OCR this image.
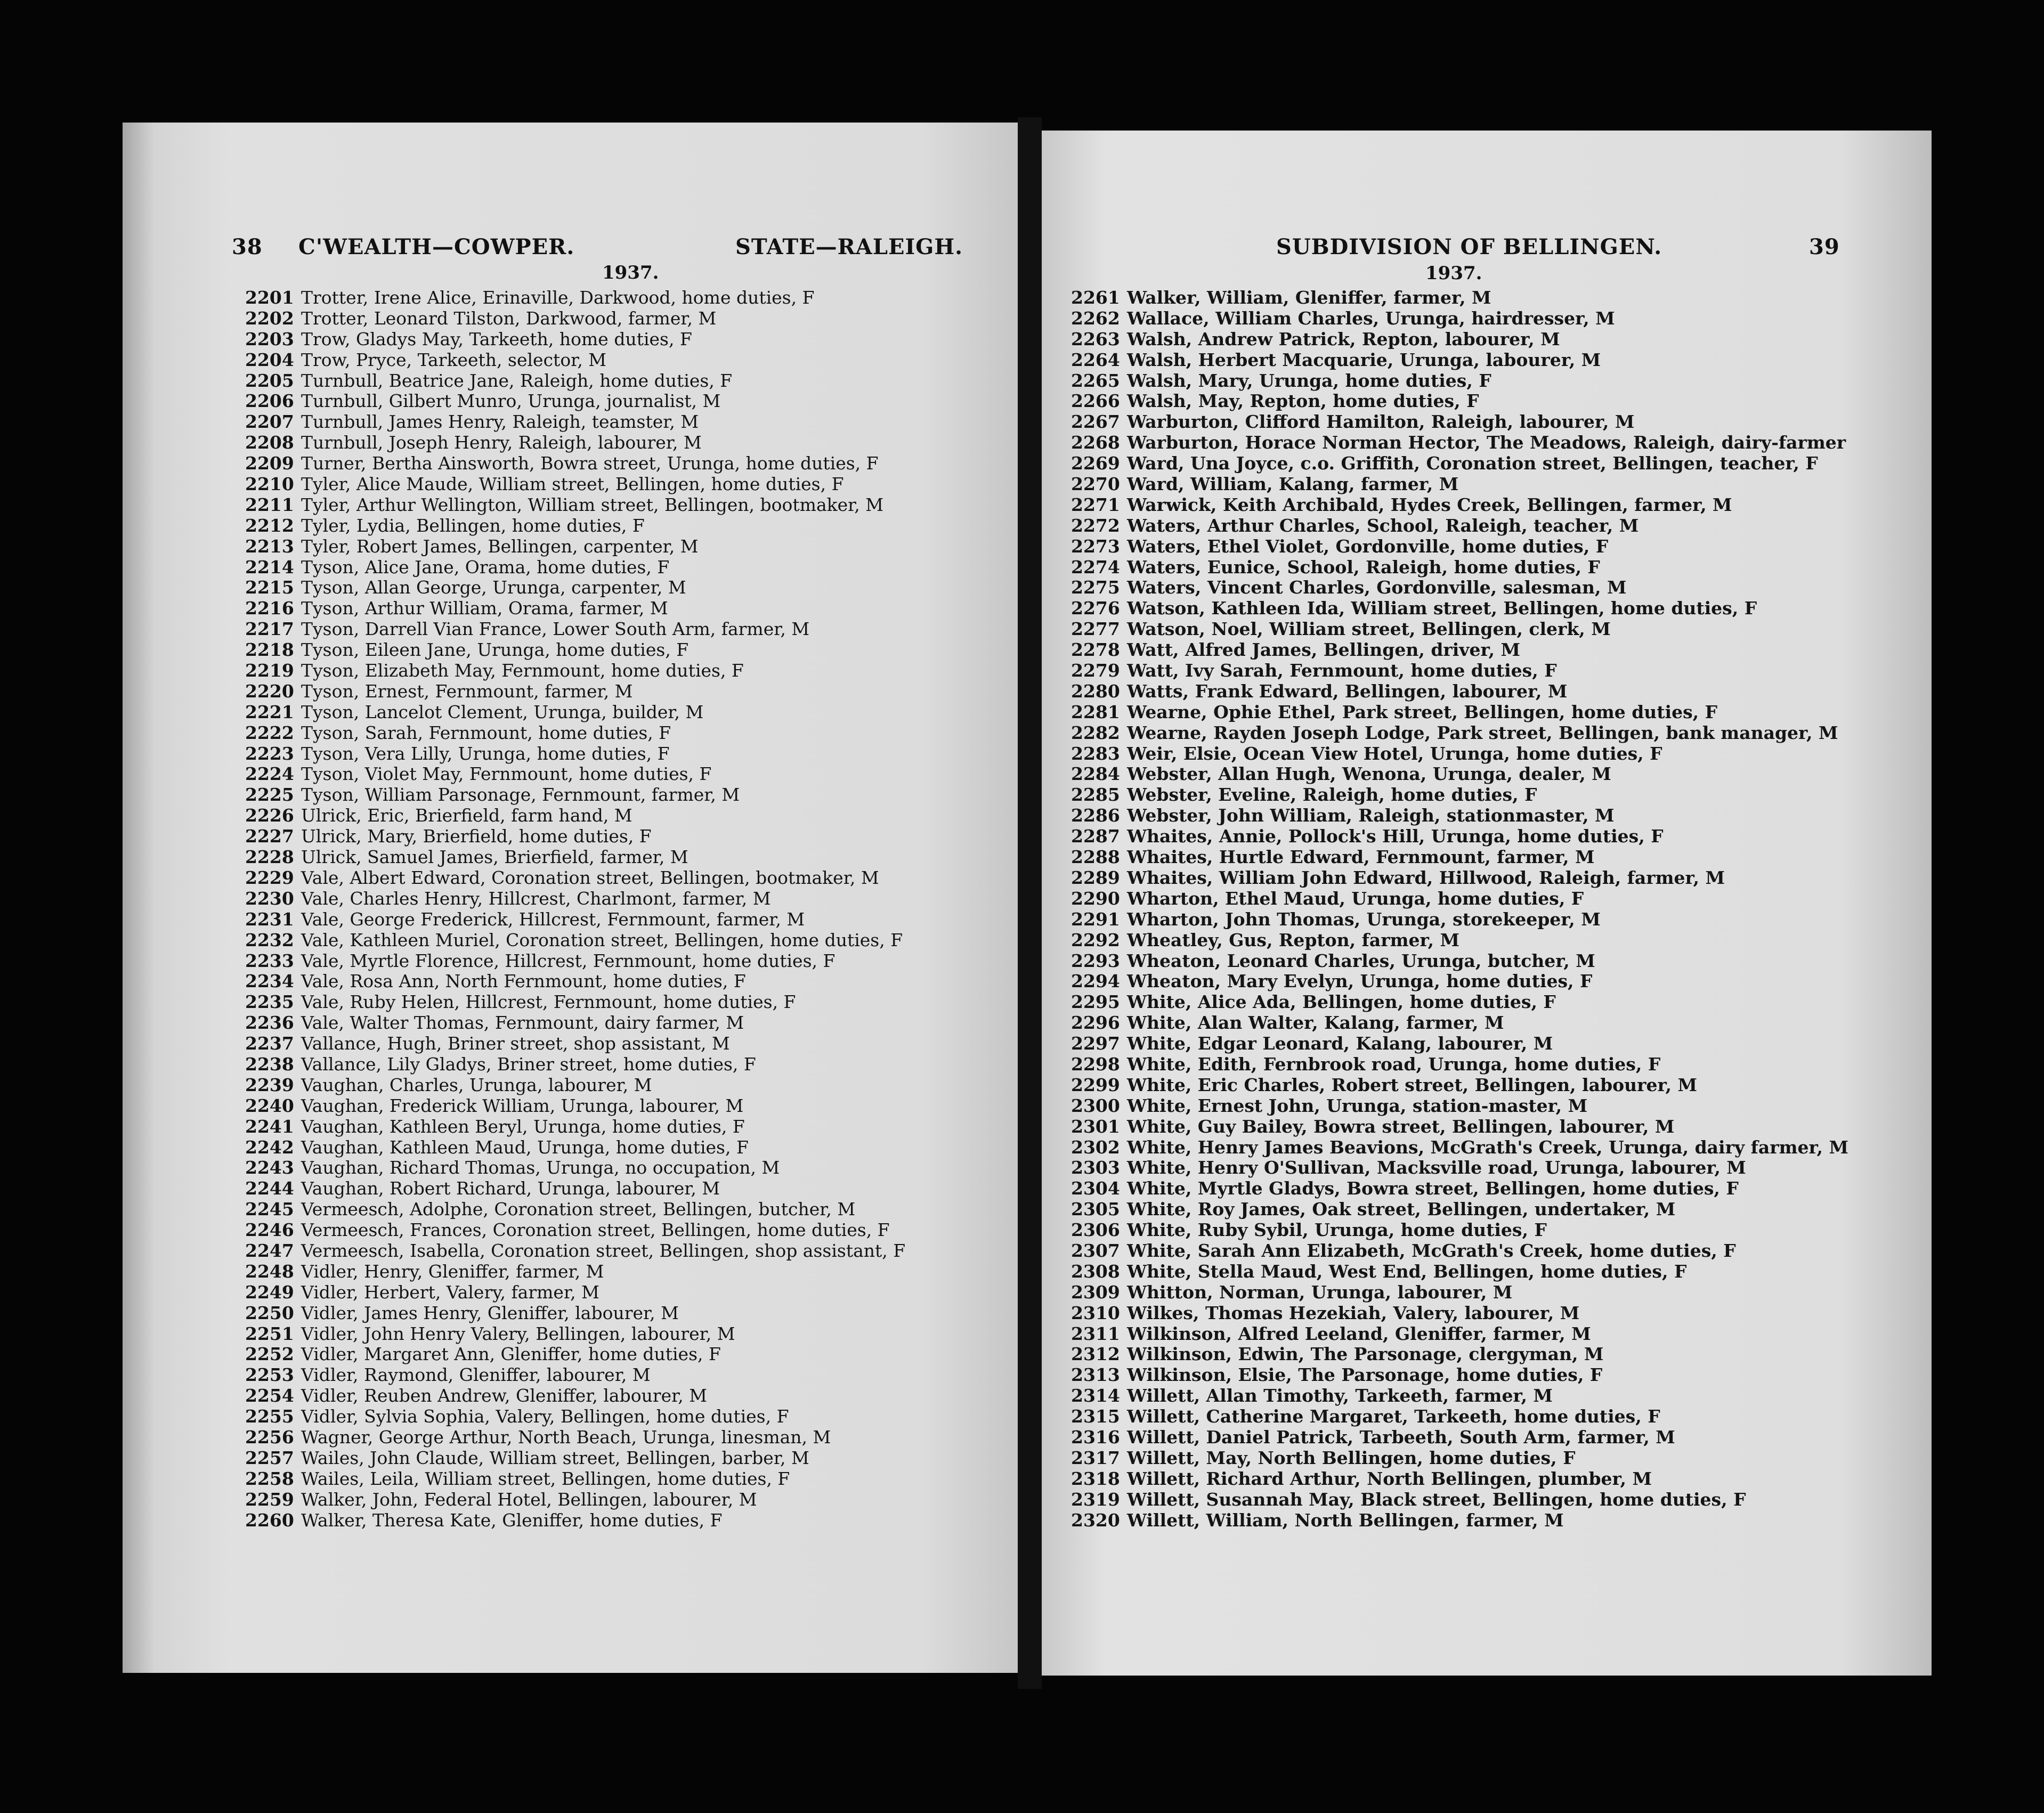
38 C'WEALTH—COWPER.	STATE—RALEIGH.
1937.
2201 Trotter, Irene Alice, Erinaville, Darkwood, home duties, F
2202 Trotter, Leonard Tilston, Darkwood, farmer, M
2203 Trow, Gladys May, Tarkeeth, home duties, F
2204 Trow, Pryce, Tarkeeth, selector, M
2205 Turnbull, Beatrice Jane, Raleigh, home duties, F
2206 Turnbull, Gilbert Munro, Urunga, journalist, M
2207 Turnbull, James Henry, Raleigh, teamster, M
2208 Turnbull, Joseph Henry, Raleigh, labourer, M
2209 Turner, Bertha Ainsworth, Bowra street, Urunga, home duties, F
2210 Tyler, Alice Maude, William street, Bellingen, home duties, F
2211 Tyler, Arthur Wellington, William street, Bellingen, bootmaker, M
2212 Tyler, Lydia, Bellingen, home duties, F
2213 Tyler, Robert James, Bellingen, carpenter, M
2214 Tyson, Alice Jane, Orama, home duties, F
2215 Tyson, Allan George, Urunga, carpenter, M
2216 Tyson, Arthur William, Orama, farmer, M
2217 Tyson, Darrell Vian France, Lower South Arm, farmer, M
2218 Tyson, Eileen Jane, Urunga, home duties, F
2219 Tyson, Elizabeth May, Fernmount, home duties, F
2220 Tyson, Ernest, Fernmount, farmer, M
2221 Tyson, Lancelot Clement, Urunga, builder, M
2222 Tyson, Sarah, Fernmount, home duties, F
2223 Tyson, Vera Lilly, Urunga, home duties, F
2224 Tyson, Violet May, Fernmount, home duties, F
2225 Tyson, William Parsonage, Fernmount, farmer, M
2226 Ulrick, Eric, Brierfield, farm hand, M
2227 Ulrick, Mary, Brierfield, home duties, F
2228 Ulrick, Samuel James, Brierfield, farmer, M
2229 Vale, Albert Edward, Coronation street, Bellingen, bootmaker, M
2230 Vale, Charles Henry, Hillcrest, Charlmont, farmer, M
2231 Vale, George Frederick, Hillcrest, Fernmount, farmer, M
2232 Vale, Kathleen Muriel, Coronation street, Bellingen, home duties, F
2233 Vale, Myrtle Florence, Hillcrest, Fernmount, home duties, F
2234 Vale, Rosa Ann, North Fernmount, home duties, F
2235 Vale, Ruby Helen, Hillcrest, Fernmount, home duties, F
2236 Vale, Walter Thomas, Fernmount, dairy farmer, M
2237 Vallance, Hugh, Briner street, shop assistant, M
2238 Vallance, Lily Gladys, Briner street, home duties, F
2239 Vaughan, Charles, Urunga, labourer, M
2240 Vaughan, Frederick William, Urunga, labourer, M
2241 Vaughan, Kathleen Beryl, Urunga, home duties, F
2242 Vaughan, Kathleen Maud, Urunga, home duties, F
2243 Vaughan, Richard Thomas, Urunga, no occupation, M
2244 Vaughan, Robert Richard, Urunga, labourer, M
2245 Vermeesch, Adolphe, Coronation street, Bellingen, butcher, M
2246 Vermeesch, Frances, Coronation street, Bellingen, home duties, F
2247 Vermeesch, Isabella, Coronation street, Bellingen, shop assistant, F
2248 Vidler, Henry, Gleniffer, farmer, M
2249 Vidler, Herbert, Valery, farmer, M
2250 Vidler, James Henry, Gleniffer, labourer, M
2251 Vidler, John Henry Valery, Bellingen, labourer, M
2252 Vidler, Margaret Ann, Gleniffer, home duties, F
2253 Vidler, Raymond, Gleniffer, labourer, M
2254 Vidler, Reuben Andrew, Gleniffer, labourer, M
2255 Vidler, Sylvia Sophia, Valery, Bellingen, home duties, F
2256 Wagner, George Arthur, North Beach, Urunga, linesman, M
2257 Wailes, John Claude, William street, Bellingen, barber, M
2258 Wailes, Leila, William street, Bellingen, home duties, F
2259 Walker, John, Federal Hotel, Bellingen, labourer, M
2260 Walker, Theresa Kate, Gleniffer, home duties, F
SUBDIVISION OF BELLINGEN.	39
1937.
2261 Walker, William, Gleniffer, farmer, M
2262 Wallace, William Charles, Urunga, hairdresser, M
2263 Walsh, Andrew Patrick, Repton, labourer, M
2264 Walsh, Herbert Macquarie, Urunga, labourer, M
2265 Walsh, Mary, Urunga, home duties, F
2266 Walsh, May, Repton, home duties, F
2267 Warburton, Clifford Hamilton, Raleigh, labourer, M
2268 Warburton, Horace Norman Hector, The Meadows, Raleigh, dairy-farmer
2269 Ward, Una Joyce, c.o. Griffith, Coronation street, Bellingen, teacher, F
2270 Ward, William, Kalang, farmer, M
2271 Warwick, Keith Archibald, Hydes Creek, Bellingen, farmer, M
2272 Waters, Arthur Charles, School, Raleigh, teacher, M
2273 Waters, Ethel Violet, Gordonville, home duties, F
2274 Waters, Eunice, School, Raleigh, home duties, F
2275 Waters, Vincent Charles, Gordonville, salesman, M
2276 Watson, Kathleen Ida, William street, Bellingen, home duties, F
2277 Watson, Noel, William street, Bellingen, clerk, M
2278 Watt, Alfred James, Bellingen, driver, M
2279 Watt, Ivy Sarah, Fernmount, home duties, F
2280 Watts, Frank Edward, Bellingen, labourer, M
2281 Wearne, Ophie Ethel, Park street, Bellingen, home duties, F
2282 Wearne, Rayden Joseph Lodge, Park street, Bellingen, bank manager, M
2283 Weir, Elsie, Ocean View Hotel, Urunga, home duties, F
2284 Webster, Allan Hugh, Wenona, Urunga, dealer, M
2285 Webster, Eveline, Raleigh, home duties, F
2286 Webster, John William, Raleigh, stationmaster, M
2287 Whaites, Annie, Pollock's Hill, Urunga, home duties, F
2288 Whaites, Hurtle Edward, Fernmount, farmer, M
2289 Whaites, William John Edward, Hillwood, Raleigh, farmer, M
2290 Wharton, Ethel Maud, Urunga, home duties, F
2291 Wharton, John Thomas, Urunga, storekeeper, M
2292 Wheatley, Gus, Repton, farmer, M
2293 Wheaton, Leonard Charles, Urunga, butcher, M
2294 Wheaton, Mary Evelyn, Urunga, home duties, F
2295 White, Alice Ada, Bellingen, home duties, F
2296 White, Alan Walter, Kalang, farmer, M
2297 White, Edgar Leonard, Kalang, labourer, M
2298 White, Edith, Fernbrook road, Urunga, home duties, F
2299 White, Eric Charles, Robert street, Bellingen, labourer, M
2300 White, Ernest John, Urunga, station-master, M
2301 White, Guy Bailey, Bowra street, Bellingen, labourer, M
2302 White, Henry James Beavions, McGrath's Creek, Urunga, dairy farmer, M
2303 White, Henry O'Sullivan, Macksville road, Urunga, labourer, M
2304 White, Myrtle Gladys, Bowra street, Bellingen, home duties, F
2305 White, Roy James, Oak street, Bellingen, undertaker, M
2306 White, Ruby Sybil, Urunga, home duties, F
2307 White, Sarah Ann Elizabeth, McGrath's Creek, home duties, F
2308 White, Stella Maud, West End, Bellingen, home duties, F
2309 Whitton, Norman, Urunga, labourer, M
2310 Wilkes, Thomas Hezekiah, Valery, labourer, M
2311 Wilkinson, Alfred Leeland, Gleniffer, farmer, M
2312 Wilkinson, Edwin, The Parsonage, clergyman, M
2313 Wilkinson, Elsie, The Parsonage, home duties, F
2314 Willett, Allan Timothy, Tarkeeth, farmer, M
2315 Willett, Catherine Margaret, Tarkeeth, home duties, F
2316 Willett, Daniel Patrick, Tarbeeth, South Arm, farmer, M
2317 Willett, May, North Bellingen, home duties, F
2318 Willett, Richard Arthur, North Bellingen, plumber, M
2319 Willett, Susannah May, Black street, Bellingen, home duties, F
2320 Willett, William, North Bellingen, farmer, M
